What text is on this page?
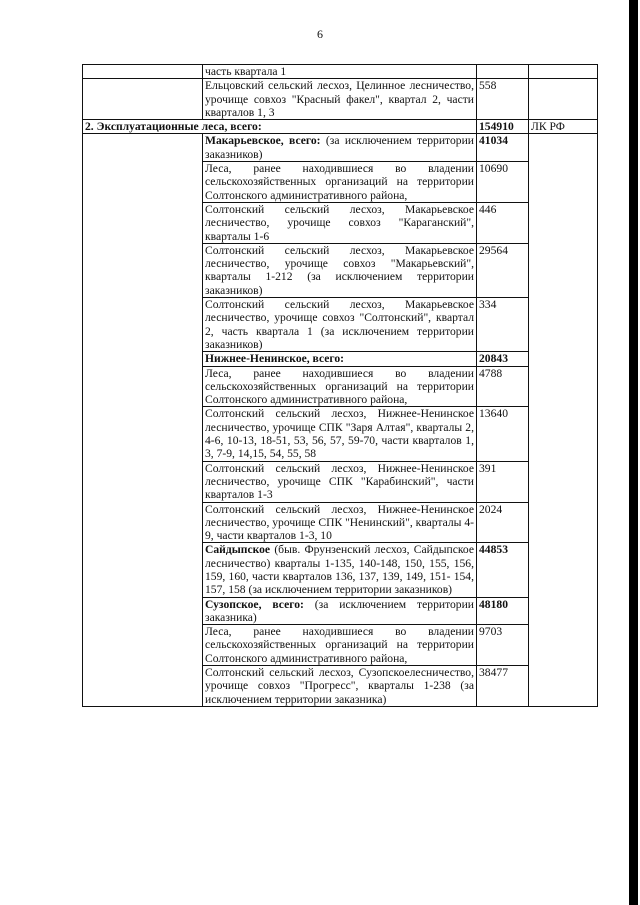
6
	часть квартала 1		
	Ельцовский сельский лесхоз, Целинное лесничество, урочище совхоз "Красный факел", квартал 2, части кварталов 1, 3	558	
2. Эксплуатационные леса, всего:		154910	ЛК РФ
	Макарьевское, всего: (за исключением территории заказников)	41034	
	Леса, ранее находившиеся во владении сельскохозяйственных организаций на территории Солтонского административного района,	10690	
	Солтонский сельский лесхоз, Макарьевское лесничество, урочище совхоз "Караганский", кварталы 1-6	446	
	Солтонский сельский лесхоз, Макарьевское лесничество, урочище совхоз "Макарьевский", кварталы 1-212 (за исключением территории заказников)	29564	
	Солтонский сельский лесхоз, Макарьевское лесничество, урочище совхоз "Солтонский", квартал 2, часть квартала 1 (за исключением территории заказников)	334	
	Нижнее-Ненинское, всего:	20843	
	Леса, ранее находившиеся во владении сельскохозяйственных организаций на территории Солтонского административного района,	4788	
	Солтонский сельский лесхоз, Нижнее-Ненинское лесничество, урочище СПК "Заря Алтая", кварталы 2, 4-6, 10-13, 18-51, 53, 56, 57, 59-70, части кварталов 1, 3, 7-9, 14,15, 54, 55, 58	13640	
	Солтонский сельский лесхоз, Нижнее-Ненинское лесничество, урочище СПК "Карабинский", части кварталов 1-3	391	
	Солтонский сельский лесхоз, Нижнее-Ненинское лесничество, урочище СПК "Ненинский", кварталы 4-9, части кварталов 1-3, 10	2024	
	Сайдыпское (быв. Фрунзенский лесхоз, Сайдыпское лесничество) кварталы 1-135, 140-148, 150, 155, 156, 159, 160, части кварталов 136, 137, 139, 149, 151- 154, 157, 158 (за исключением территории заказников)	44853	
	Сузопское, всего: (за исключением территории заказника)	48180	
	Леса, ранее находившиеся во владении сельскохозяйственных организаций на территории Солтонского административного района,	9703	
	Солтонский сельский лесхоз, Сузопскоелесничество, урочище совхоз "Прогресс", кварталы 1-238 (за исключением территории заказника)	38477	
